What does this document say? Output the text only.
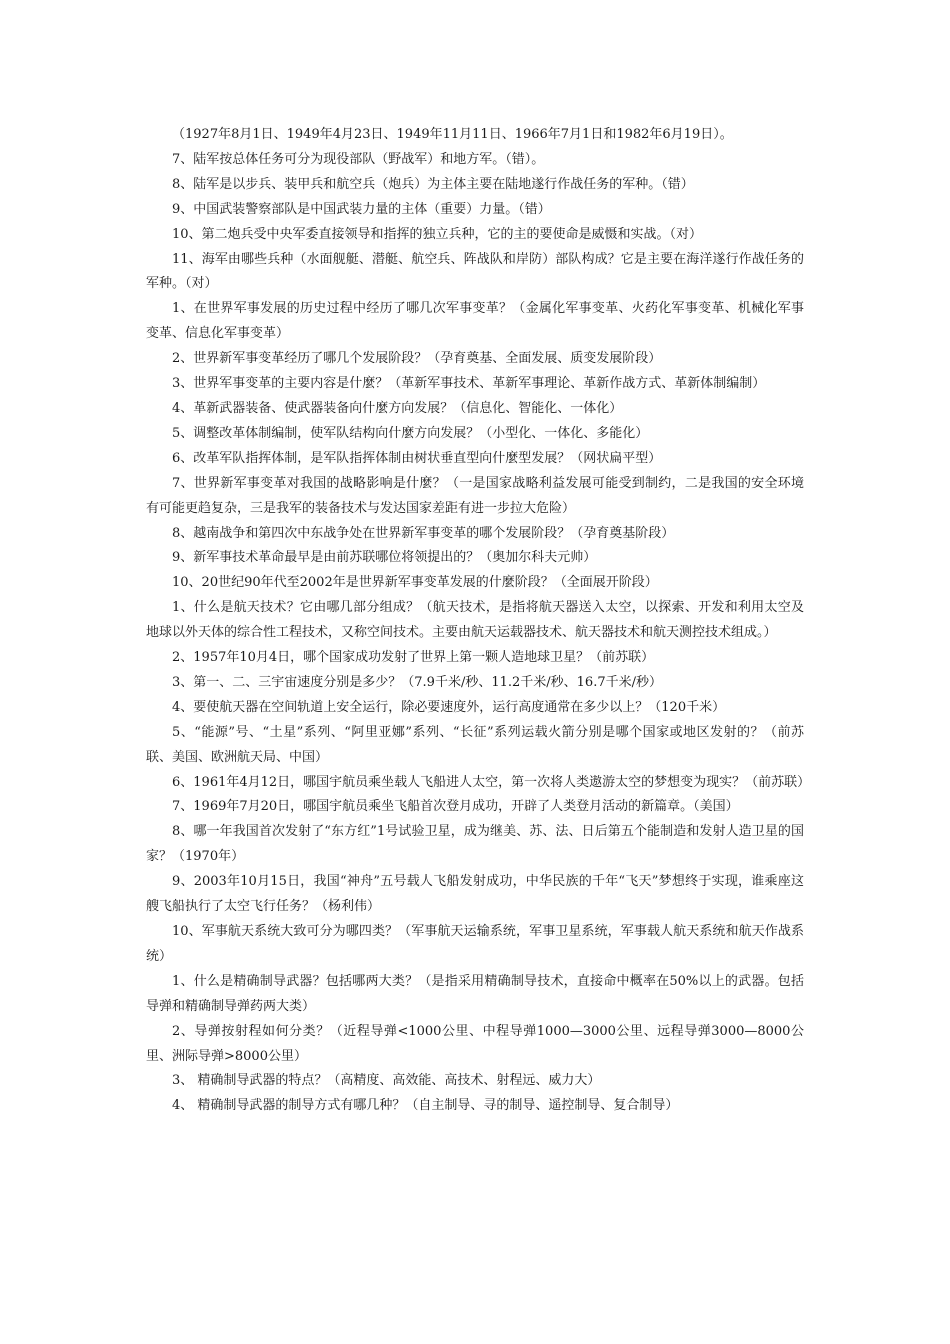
（1927年8月1日、1949年4月23日、1949年11月11日、1966年7月1日和1982年6月19日）。

7、陆军按总体任务可分为现役部队（野战军）和地方军。（错）。

8、陆军是以步兵、装甲兵和航空兵（炮兵）为主体主要在陆地遂行作战任务的军种。（错）

9、中国武装警察部队是中国武装力量的主体（重要）力量。（错）

10、第二炮兵受中央军委直接领导和指挥的独立兵种，它的主的要使命是威慑和实战。（对）

11、海军由哪些兵种（水面舰艇、潜艇、航空兵、阵战队和岸防）部队构成？它是主要在海洋遂行作战任务的军种。（对）

1、在世界军事发展的历史过程中经历了哪几次军事变革？（金属化军事变革、火药化军事变革、机械化军事变革、信息化军事变革）

2、世界新军事变革经历了哪几个发展阶段？（孕育奠基、全面发展、质变发展阶段）

3、世界军事变革的主要内容是什麼？（革新军事技术、革新军事理论、革新作战方式、革新体制编制）

4、革新武器装备、使武器装备向什麼方向发展？（信息化、智能化、一体化）

5、调整改革体制编制，使军队结构向什麼方向发展？（小型化、一体化、多能化）

6、改革军队指挥体制，是军队指挥体制由树状垂直型向什麼型发展？（网状扁平型）

7、世界新军事变革对我国的战略影响是什麼？（一是国家战略利益发展可能受到制约，二是我国的安全环境有可能更趋复杂，三是我军的装备技术与发达国家差距有进一步拉大危险）

8、越南战争和第四次中东战争处在世界新军事变革的哪个发展阶段？（孕育奠基阶段）

9、新军事技术革命最早是由前苏联哪位将领提出的？（奥加尔科夫元帅）

10、20世纪90年代至2002年是世界新军事变革发展的什麼阶段？（全面展开阶段）

1、什么是航天技术？它由哪几部分组成？（航天技术，是指将航天器送入太空，以探索、开发和利用太空及地球以外天体的综合性工程技术，又称空间技术。主要由航天运载器技术、航天器技术和航天测控技术组成。）

2、1957年10月4日，哪个国家成功发射了世界上第一颗人造地球卫星？（前苏联）

3、第一、二、三宇宙速度分别是多少？（7.9千米/秒、11.2千米/秒、16.7千米/秒）

4、要使航天器在空间轨道上安全运行，除必要速度外，运行高度通常在多少以上？（120千米）

5、“能源”号、“土星”系列、“阿里亚娜”系列、“长征”系列运载火箭分别是哪个国家或地区发射的？（前苏联、美国、欧洲航天局、中国）

6、1961年4月12日，哪国宇航员乘坐载人飞船进人太空，第一次将人类遨游太空的梦想变为现实？（前苏联）

7、1969年7月20日，哪国宇航员乘坐飞船首次登月成功，开辟了人类登月活动的新篇章。（美国）

8、哪一年我国首次发射了“东方红”1号试验卫星，成为继美、苏、法、日后第五个能制造和发射人造卫星的国家？（1970年）

9、2003年10月15日，我国“神舟”五号载人飞船发射成功，中华民族的千年“飞天”梦想终于实现，谁乘座这艘飞船执行了太空飞行任务？（杨利伟）

10、军事航天系统大致可分为哪四类？（军事航天运输系统，军事卫星系统，军事载人航天系统和航天作战系统）

1、什么是精确制导武器？包括哪两大类？（是指采用精确制导技术，直接命中概率在50%以上的武器。包括导弹和精确制导弹药两大类）

2、导弹按射程如何分类？（近程导弹<1000公里、中程导弹1000—3000公里、远程导弹3000—8000公里、洲际导弹>8000公里）

3、 精确制导武器的特点？（高精度、高效能、高技术、射程远、威力大）

4、 精确制导武器的制导方式有哪几种？（自主制导、寻的制导、遥控制导、复合制导）
